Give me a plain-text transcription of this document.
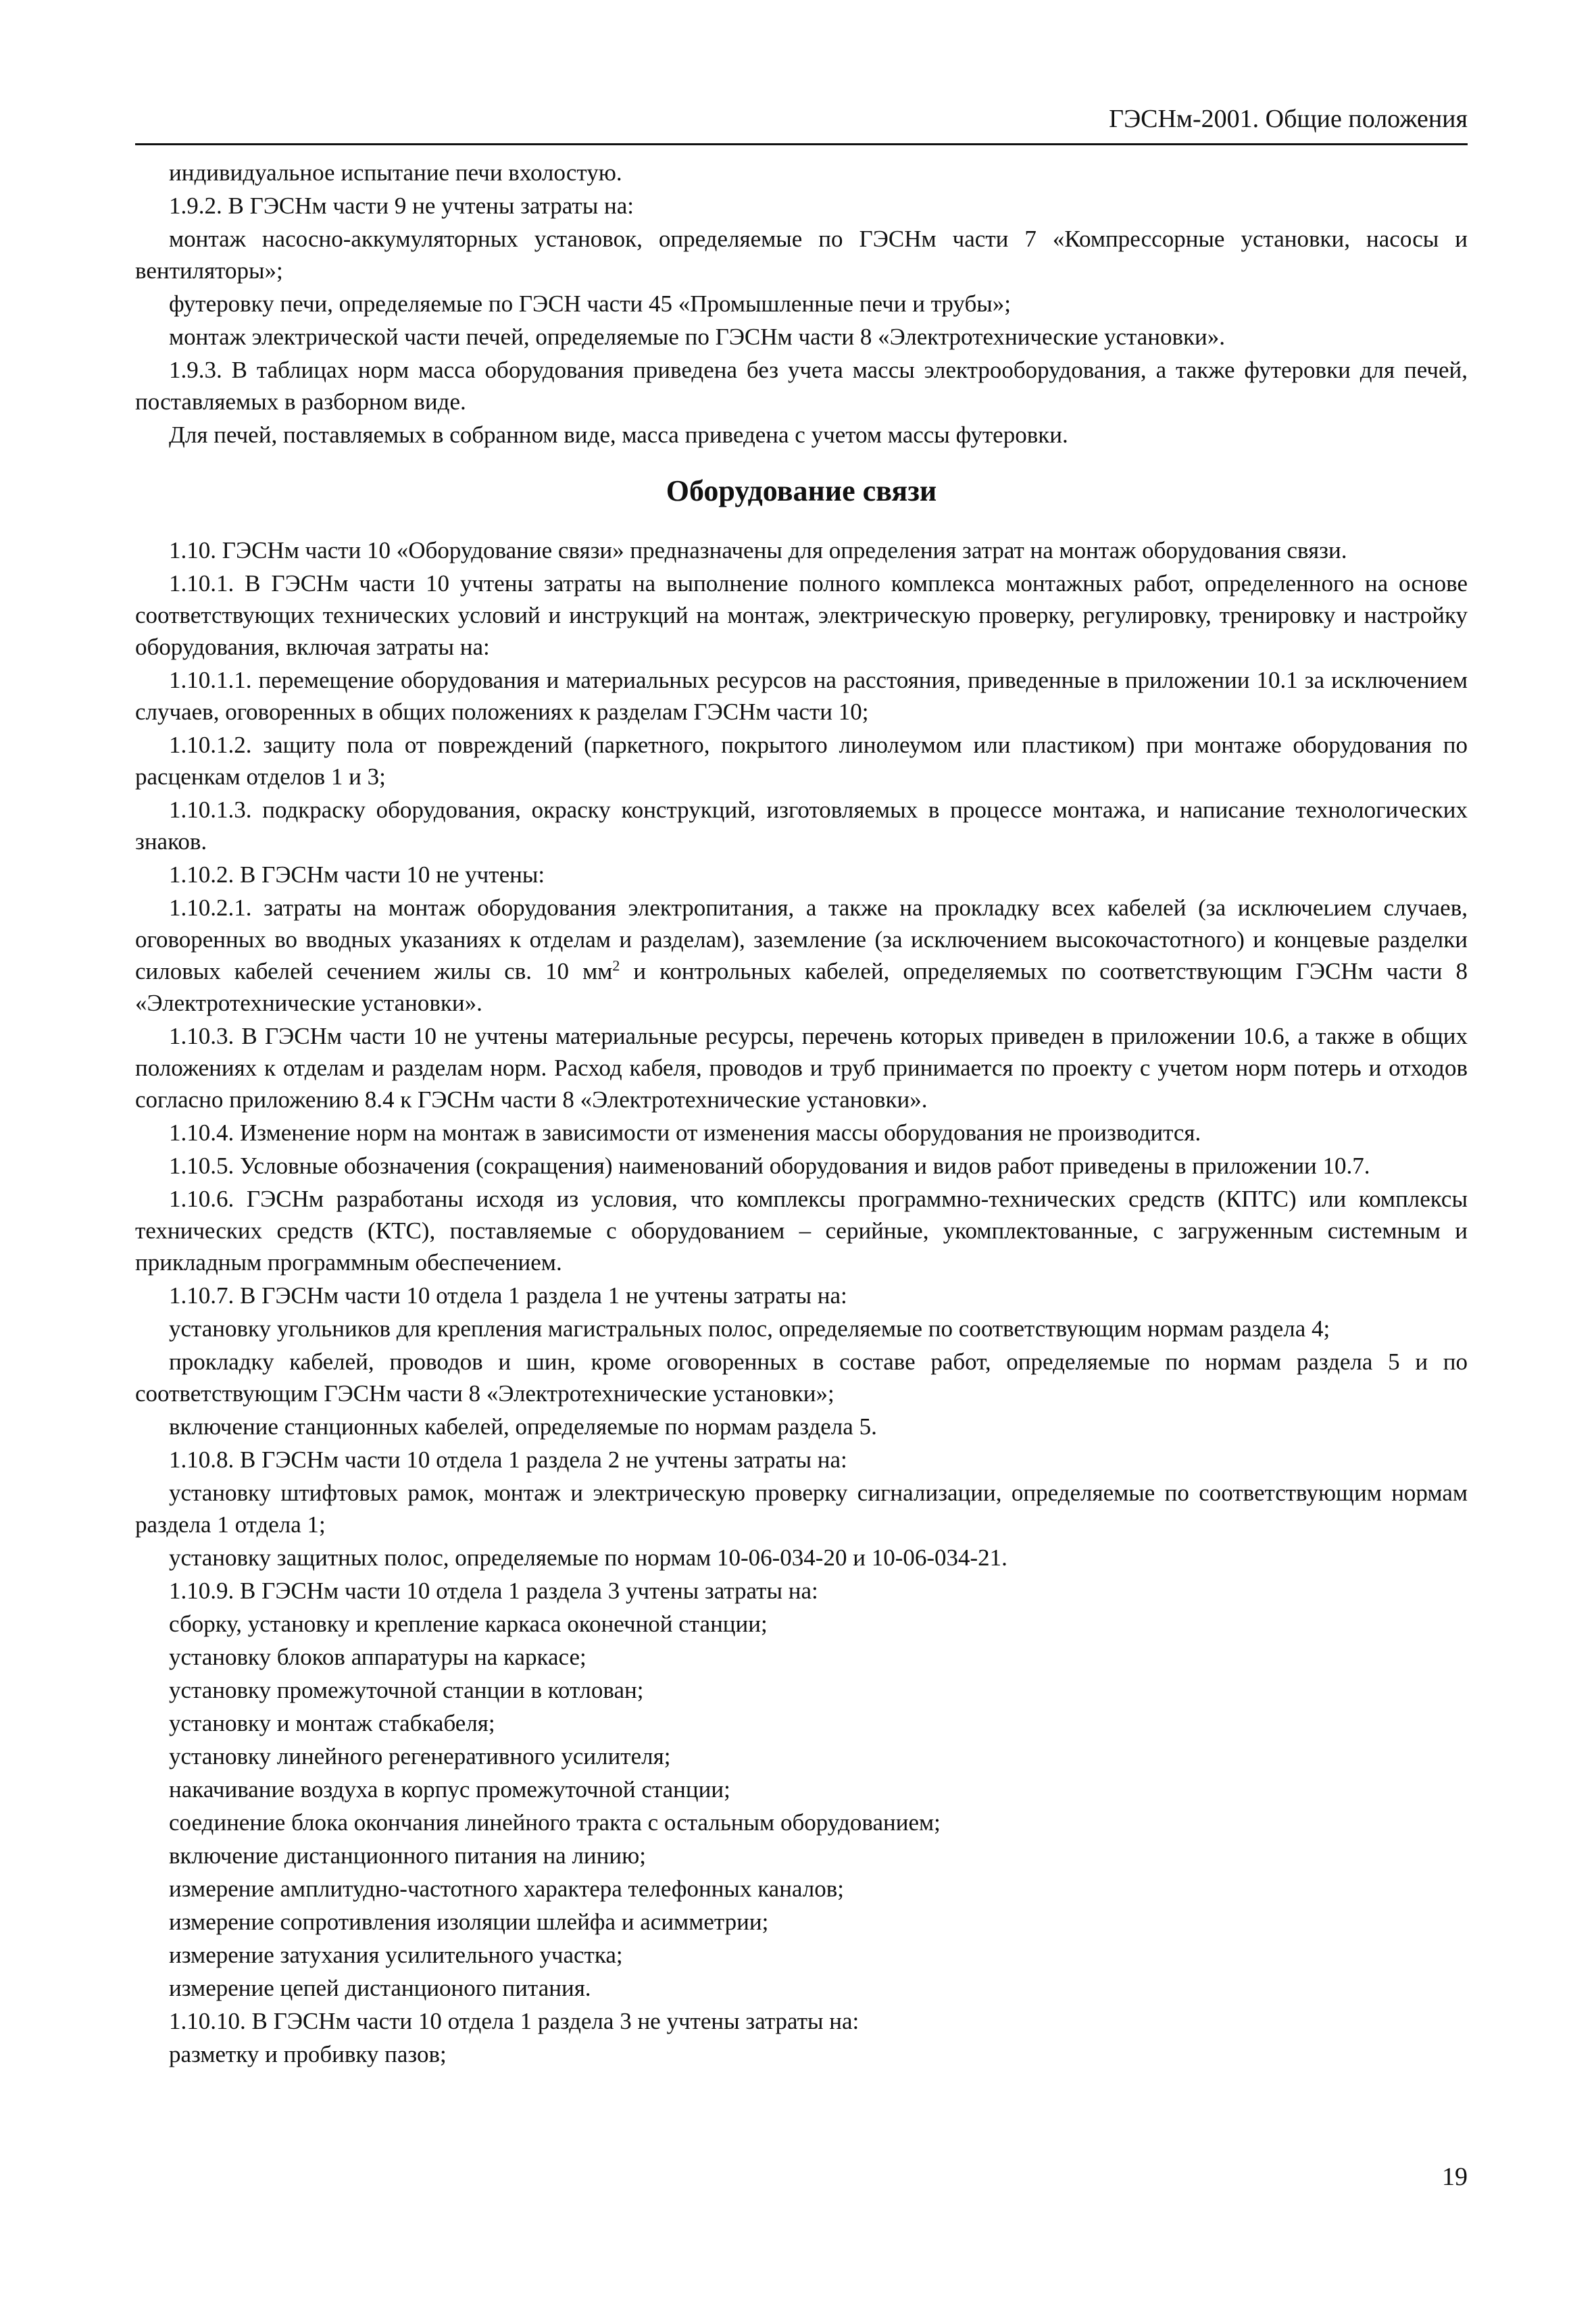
ГЭСНм-2001. Общие положения

индивидуальное испытание печи вхолостую.

1.9.2. В ГЭСНм части 9 не учтены затраты на:

монтаж насосно-аккумуляторных установок, определяемые по ГЭСНм части 7 «Компрессорные установки, насосы и вентиляторы»;

футеровку печи, определяемые по ГЭСН части 45 «Промышленные печи и трубы»;

монтаж электрической части печей, определяемые по ГЭСНм части 8 «Электротехнические установки».

1.9.3. В таблицах норм масса оборудования приведена без учета массы электрооборудования, а также футеровки для печей, поставляемых в разборном виде.

Для печей, поставляемых в собранном виде, масса приведена с учетом массы футеровки.

Оборудование связи

1.10. ГЭСНм части 10 «Оборудование связи» предназначены для определения затрат на монтаж оборудования связи.

1.10.1. В ГЭСНм части 10 учтены затраты на выполнение полного комплекса монтажных работ, определенного на основе соответствующих технических условий и инструкций на монтаж, электрическую проверку, регулировку, тренировку и настройку оборудования, включая затраты на:

1.10.1.1. перемещение оборудования и материальных ресурсов на расстояния, приведенные в приложении 10.1 за исключением случаев, оговоренных в общих положениях к разделам ГЭСНм части 10;

1.10.1.2. защиту пола от повреждений (паркетного, покрытого линолеумом или пластиком) при монтаже оборудования по расценкам отделов 1 и 3;

1.10.1.3. подкраску оборудования, окраску конструкций, изготовляемых в процессе монтажа, и написание технологических знаков.

1.10.2. В ГЭСНм части 10 не учтены:

1.10.2.1. затраты на монтаж оборудования электропитания, а также на прокладку всех кабелей (за исключеʟием случаев, оговоренных во вводных указаниях к отделам и разделам), заземление (за исключением высокочастотного) и концевые разделки силовых кабелей сечением жилы св. 10 $мм^2$ и контрольных кабелей, определяемых по соответствующим ГЭСНм части 8 «Электротехнические установки».

1.10.3. В ГЭСНм части 10 не учтены материальные ресурсы, перечень которых приведен в приложении 10.6, а также в общих положениях к отделам и разделам норм. Расход кабеля, проводов и труб принимается по проекту с учетом норм потерь и отходов согласно приложению 8.4 к ГЭСНм части 8 «Электротехнические установки».

1.10.4. Изменение норм на монтаж в зависимости от изменения массы оборудования не производится.

1.10.5. Условные обозначения (сокращения) наименований оборудования и видов работ приведены в приложении 10.7.

1.10.6. ГЭСНм разработаны исходя из условия, что комплексы программно-технических средств (КПТС) или комплексы технических средств (КТС), поставляемые с оборудованием – серийные, укомплектованные, с загруженным системным и прикладным программным обеспечением.

1.10.7. В ГЭСНм части 10 отдела 1 раздела 1 не учтены затраты на:

установку угольников для крепления магистральных полос, определяемые по соответствующим нормам раздела 4;

прокладку кабелей, проводов и шин, кроме оговоренных в составе работ, определяемые по нормам раздела 5 и по соответствующим ГЭСНм части 8 «Электротехнические установки»;

включение станционных кабелей, определяемые по нормам раздела 5.

1.10.8. В ГЭСНм части 10 отдела 1 раздела 2 не учтены затраты на:

установку штифтовых рамок, монтаж и электрическую проверку сигнализации, определяемые по соответствующим нормам раздела 1 отдела 1;

установку защитных полос, определяемые по нормам 10-06-034-20 и 10-06-034-21.

1.10.9. В ГЭСНм части 10 отдела 1 раздела 3 учтены затраты на:

сборку, установку и крепление каркаса оконечной станции;

установку блоков аппаратуры на каркасе;

установку промежуточной станции в котлован;

установку и монтаж стабкабеля;

установку линейного регенеративного усилителя;

накачивание воздуха в корпус промежуточной станции;

соединение блока окончания линейного тракта с остальным оборудованием;

включение дистанционного питания на линию;

измерение амплитудно-частотного характера телефонных каналов;

измерение сопротивления изоляции шлейфа и асимметрии;

измерение затухания усилительного участка;

измерение цепей дистанционого питания.

1.10.10. В ГЭСНм части 10 отдела 1 раздела 3 не учтены затраты на:

разметку и пробивку пазов;

19
